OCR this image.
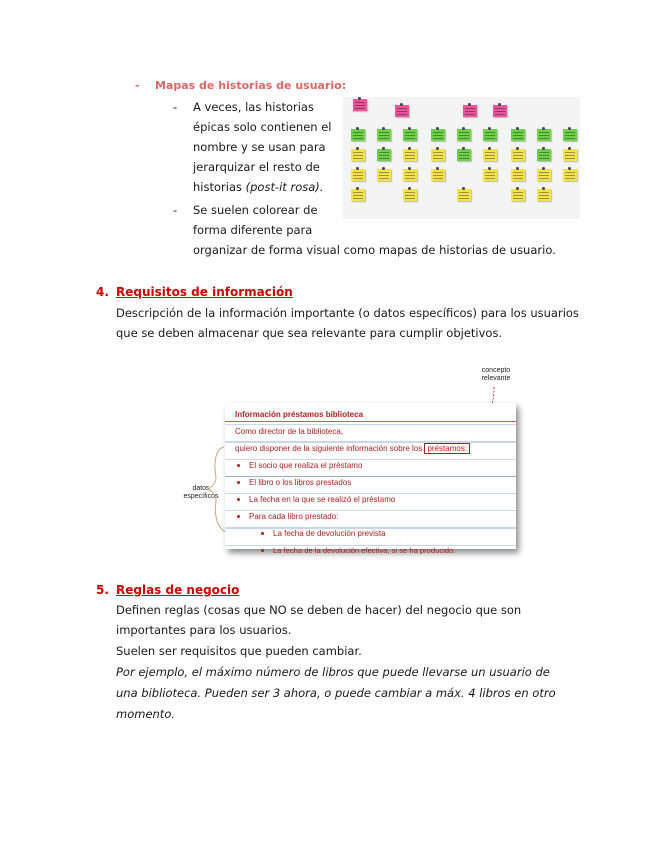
- Mapas de historias de usuario:
- A veces, las historias
épicas solo contienen el
nombre y se usan para
jerarquizar el resto de
historias (post-it rosa).
- Se suelen colorear de
forma diferente para
organizar de forma visual como mapas de historias de usuario.
4. Requisitos de información
Descripción de la información importante (o datos específicos) para los usuarios
que se deben almacenar que sea relevante para cumplir objetivos.
concepto
relevante
datos
específicos
Información préstamos biblioteca
Como director de la biblioteca,
quiero disponer de la siguiente información sobre los préstamos:
El socio que realiza el préstamo
El libro o los libros prestados
La fecha en la que se realizó el préstamo
Para cada libro prestado:
La fecha de devolución prevista
La fecha de la devolución efectiva, si se ha producido.
5. Reglas de negocio
Definen reglas (cosas que NO se deben de hacer) del negocio que son
importantes para los usuarios.
Suelen ser requisitos que pueden cambiar.
Por ejemplo, el máximo número de libros que puede llevarse un usuario de
una biblioteca. Pueden ser 3 ahora, o puede cambiar a máx. 4 libros en otro
momento.
